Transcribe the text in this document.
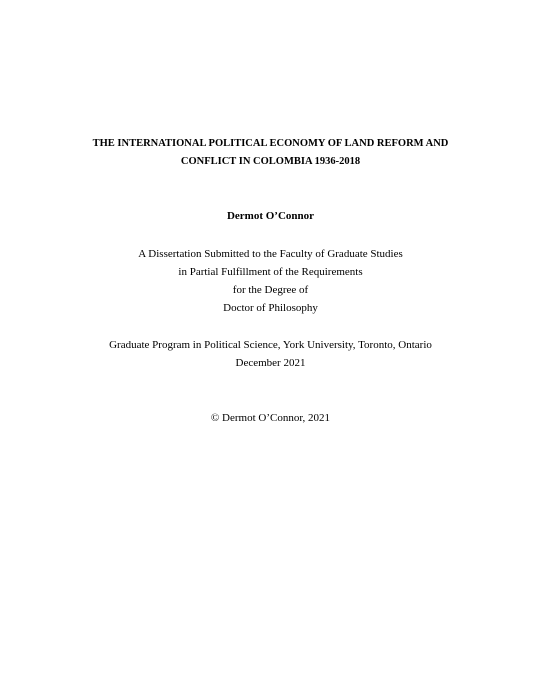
THE INTERNATIONAL POLITICAL ECONOMY OF LAND REFORM AND
CONFLICT IN COLOMBIA 1936-2018
Dermot O’Connor
A Dissertation Submitted to the Faculty of Graduate Studies
in Partial Fulfillment of the Requirements
for the Degree of
Doctor of Philosophy
Graduate Program in Political Science, York University, Toronto, Ontario
December 2021
© Dermot O’Connor, 2021
